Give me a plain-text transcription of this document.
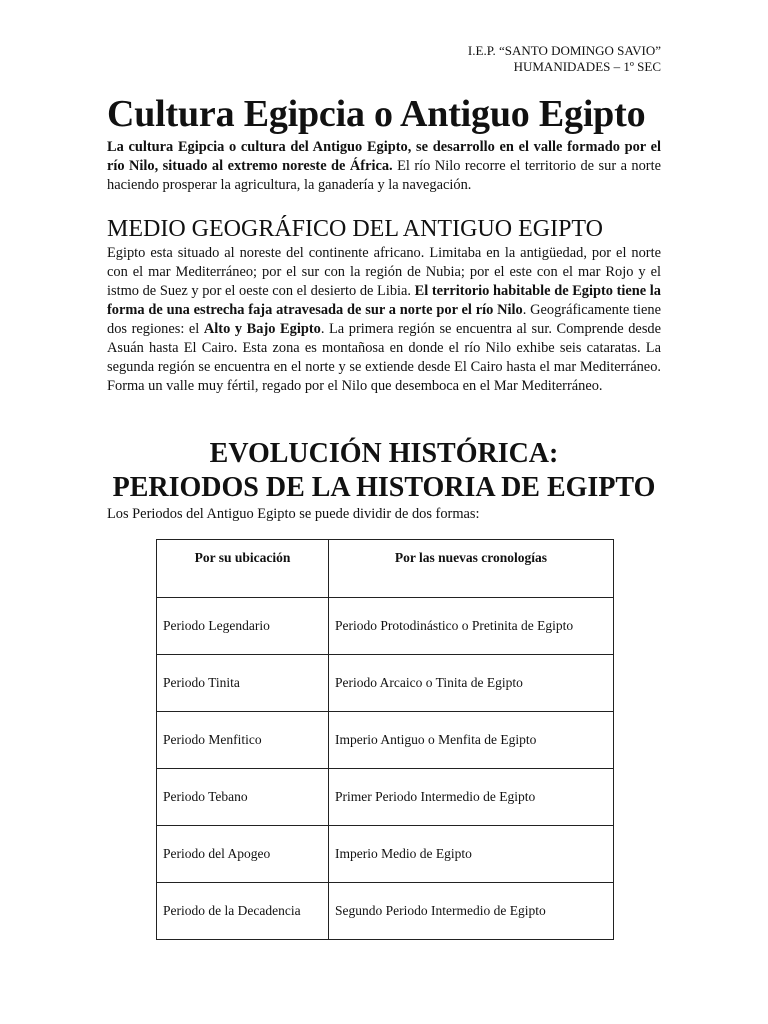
I.E.P. “SANTO DOMINGO SAVIO”
HUMANIDADES – 1º SEC
Cultura Egipcia o Antiguo Egipto
La cultura Egipcia o cultura del Antiguo Egipto, se desarrollo en el valle formado por el río Nilo, situado al extremo noreste de África. El río Nilo recorre el territorio de sur a norte haciendo prosperar la agricultura, la ganadería y la navegación.
MEDIO GEOGRÁFICO DEL ANTIGUO EGIPTO
Egipto esta situado al noreste del continente africano. Limitaba en la antigüedad, por el norte con el mar Mediterráneo; por el sur con la región de Nubia; por el este con el mar Rojo y el istmo de Suez y por el oeste con el desierto de Libia. El territorio habitable de Egipto tiene la forma de una estrecha faja atravesada de sur a norte por el río Nilo. Geográficamente tiene dos regiones: el Alto y Bajo Egipto. La primera región se encuentra al sur. Comprende desde Asuán hasta El Cairo. Esta zona es montañosa en donde el río Nilo exhibe seis cataratas. La segunda región se encuentra en el norte y se extiende desde El Cairo hasta el mar Mediterráneo. Forma un valle muy fértil, regado por el Nilo que desemboca en el Mar Mediterráneo.
EVOLUCIÓN HISTÓRICA:
PERIODOS DE LA HISTORIA DE EGIPTO
Los Periodos del Antiguo Egipto se puede dividir de dos formas:
Por su ubicación	Por las nuevas cronologías
Periodo Legendario	Periodo Protodinástico o Pretinita de Egipto
Periodo Tinita	Periodo Arcaico o Tinita de Egipto
Periodo Menfitico	Imperio Antiguo o Menfita de Egipto
Periodo Tebano	Primer Periodo Intermedio de Egipto
Periodo del Apogeo	Imperio Medio de Egipto
Periodo de la Decadencia	Segundo Periodo Intermedio de Egipto
